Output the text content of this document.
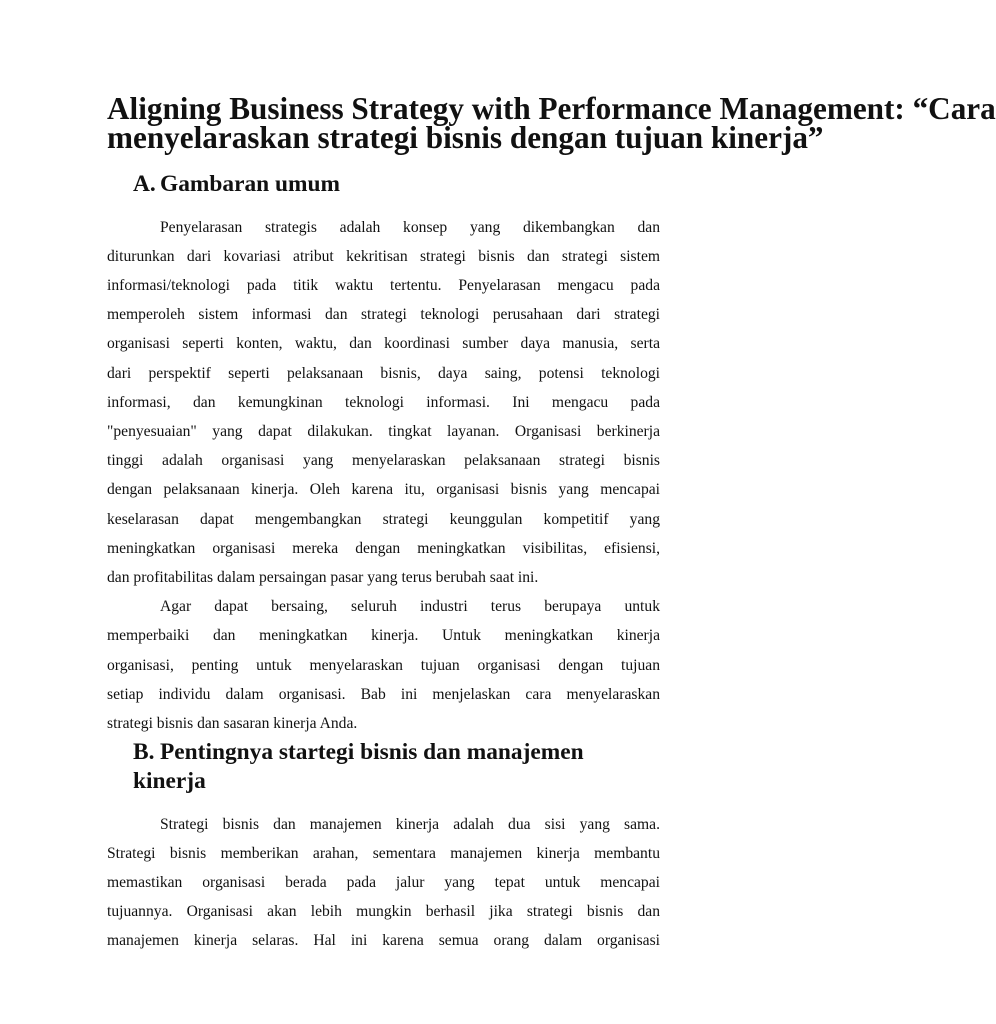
Aligning Business Strategy with Performance Management: “Cara
menyelaraskan strategi bisnis dengan tujuan kinerja”
A. Gambaran umum
Penyelarasan strategis adalah konsep yang dikembangkan dan
diturunkan dari kovariasi atribut kekritisan strategi bisnis dan strategi sistem
informasi/teknologi pada titik waktu tertentu. Penyelarasan mengacu pada
memperoleh sistem informasi dan strategi teknologi perusahaan dari strategi
organisasi seperti konten, waktu, dan koordinasi sumber daya manusia, serta
dari perspektif seperti pelaksanaan bisnis, daya saing, potensi teknologi
informasi, dan kemungkinan teknologi informasi. Ini mengacu pada
"penyesuaian" yang dapat dilakukan. tingkat layanan. Organisasi berkinerja
tinggi adalah organisasi yang menyelaraskan pelaksanaan strategi bisnis
dengan pelaksanaan kinerja. Oleh karena itu, organisasi bisnis yang mencapai
keselarasan dapat mengembangkan strategi keunggulan kompetitif yang
meningkatkan organisasi mereka dengan meningkatkan visibilitas, efisiensi,
dan profitabilitas dalam persaingan pasar yang terus berubah saat ini.
Agar dapat bersaing, seluruh industri terus berupaya untuk
memperbaiki dan meningkatkan kinerja. Untuk meningkatkan kinerja
organisasi, penting untuk menyelaraskan tujuan organisasi dengan tujuan
setiap individu dalam organisasi. Bab ini menjelaskan cara menyelaraskan
strategi bisnis dan sasaran kinerja Anda.
B. Pentingnya startegi bisnis dan manajemen kinerja
Strategi bisnis dan manajemen kinerja adalah dua sisi yang sama.
Strategi bisnis memberikan arahan, sementara manajemen kinerja membantu
memastikan organisasi berada pada jalur yang tepat untuk mencapai
tujuannya. Organisasi akan lebih mungkin berhasil jika strategi bisnis dan
manajemen kinerja selaras. Hal ini karena semua orang dalam organisasi
